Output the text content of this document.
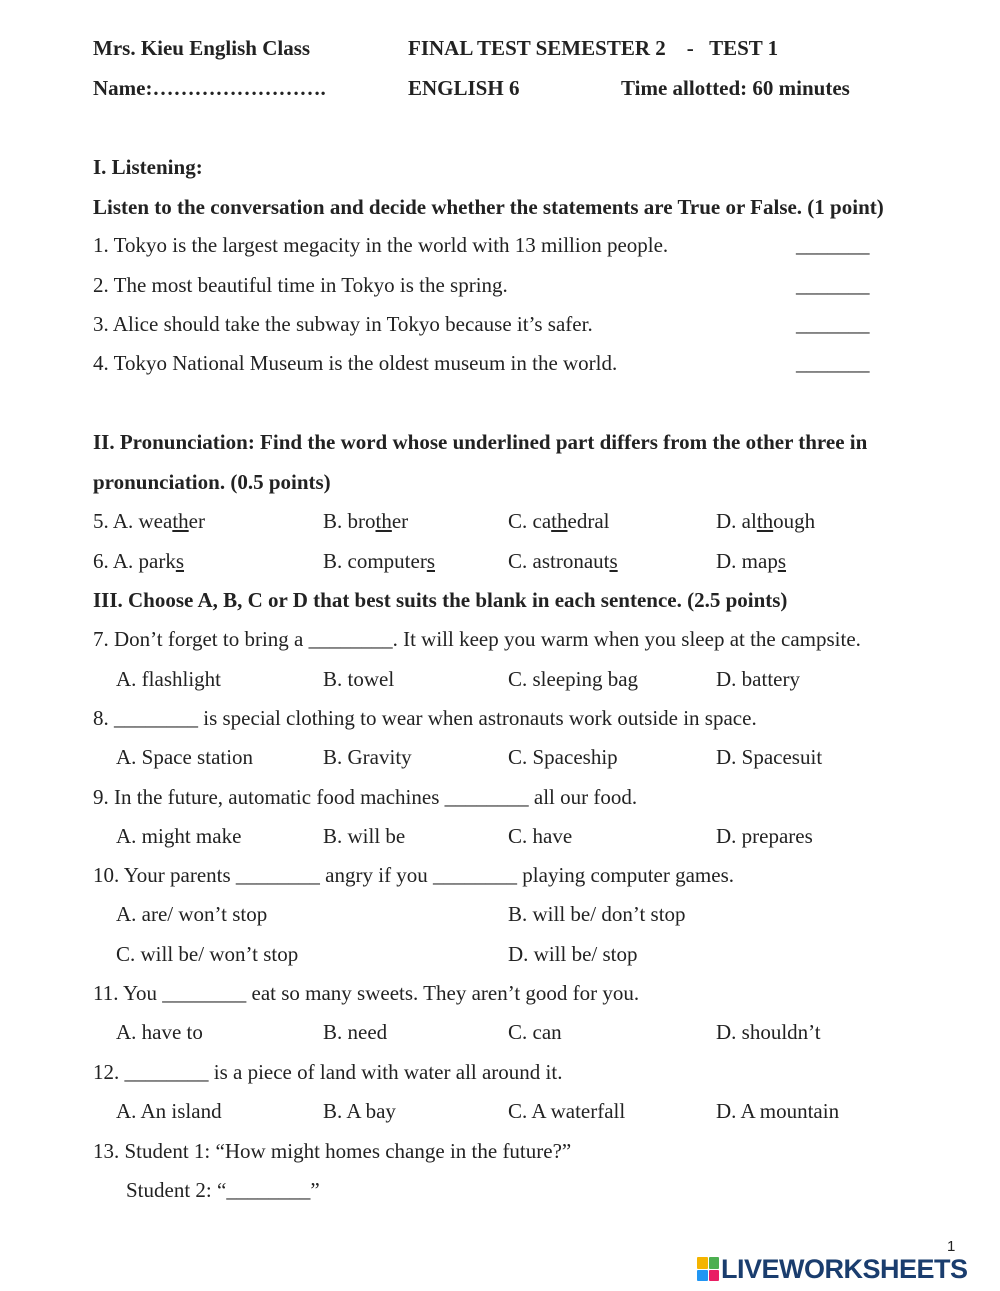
Mrs. Kieu English Class	FINAL TEST SEMESTER 2    -   TEST 1
Name:…………………….	ENGLISH 6	Time allotted: 60 minutes
I. Listening:
Listen to the conversation and decide whether the statements are True or False. (1 point)
1. Tokyo is the largest megacity in the world with 13 million people.	_______
2. The most beautiful time in Tokyo is the spring.	_______
3. Alice should take the subway in Tokyo because it’s safer.	_______
4. Tokyo National Museum is the oldest museum in the world.	_______
II. Pronunciation: Find the word whose underlined part differs from the other three in
pronunciation. (0.5 points)
5. A. weather	B. brother	C. cathedral	D. although
6. A. parks	B. computers	C. astronauts	D. maps
III. Choose A, B, C or D that best suits the blank in each sentence. (2.5 points)
7. Don’t forget to bring a ________. It will keep you warm when you sleep at the campsite.
A. flashlight	B. towel	C. sleeping bag	D. battery
8. ________ is special clothing to wear when astronauts work outside in space.
A. Space station	B. Gravity	C. Spaceship	D. Spacesuit
9. In the future, automatic food machines ________ all our food.
A. might make	B. will be	C. have	D. prepares
10. Your parents ________ angry if you ________ playing computer games.
A. are/ won’t stop	B. will be/ don’t stop
C. will be/ won’t stop	D. will be/ stop
11. You ________ eat so many sweets. They aren’t good for you.
A. have to	B. need	C. can	D. shouldn’t
12. ________ is a piece of land with water all around it.
A. An island	B. A bay	C. A waterfall	D. A mountain
13. Student 1: “How might homes change in the future?”
Student 2: “________”
1
LIVEWORKSHEETS
